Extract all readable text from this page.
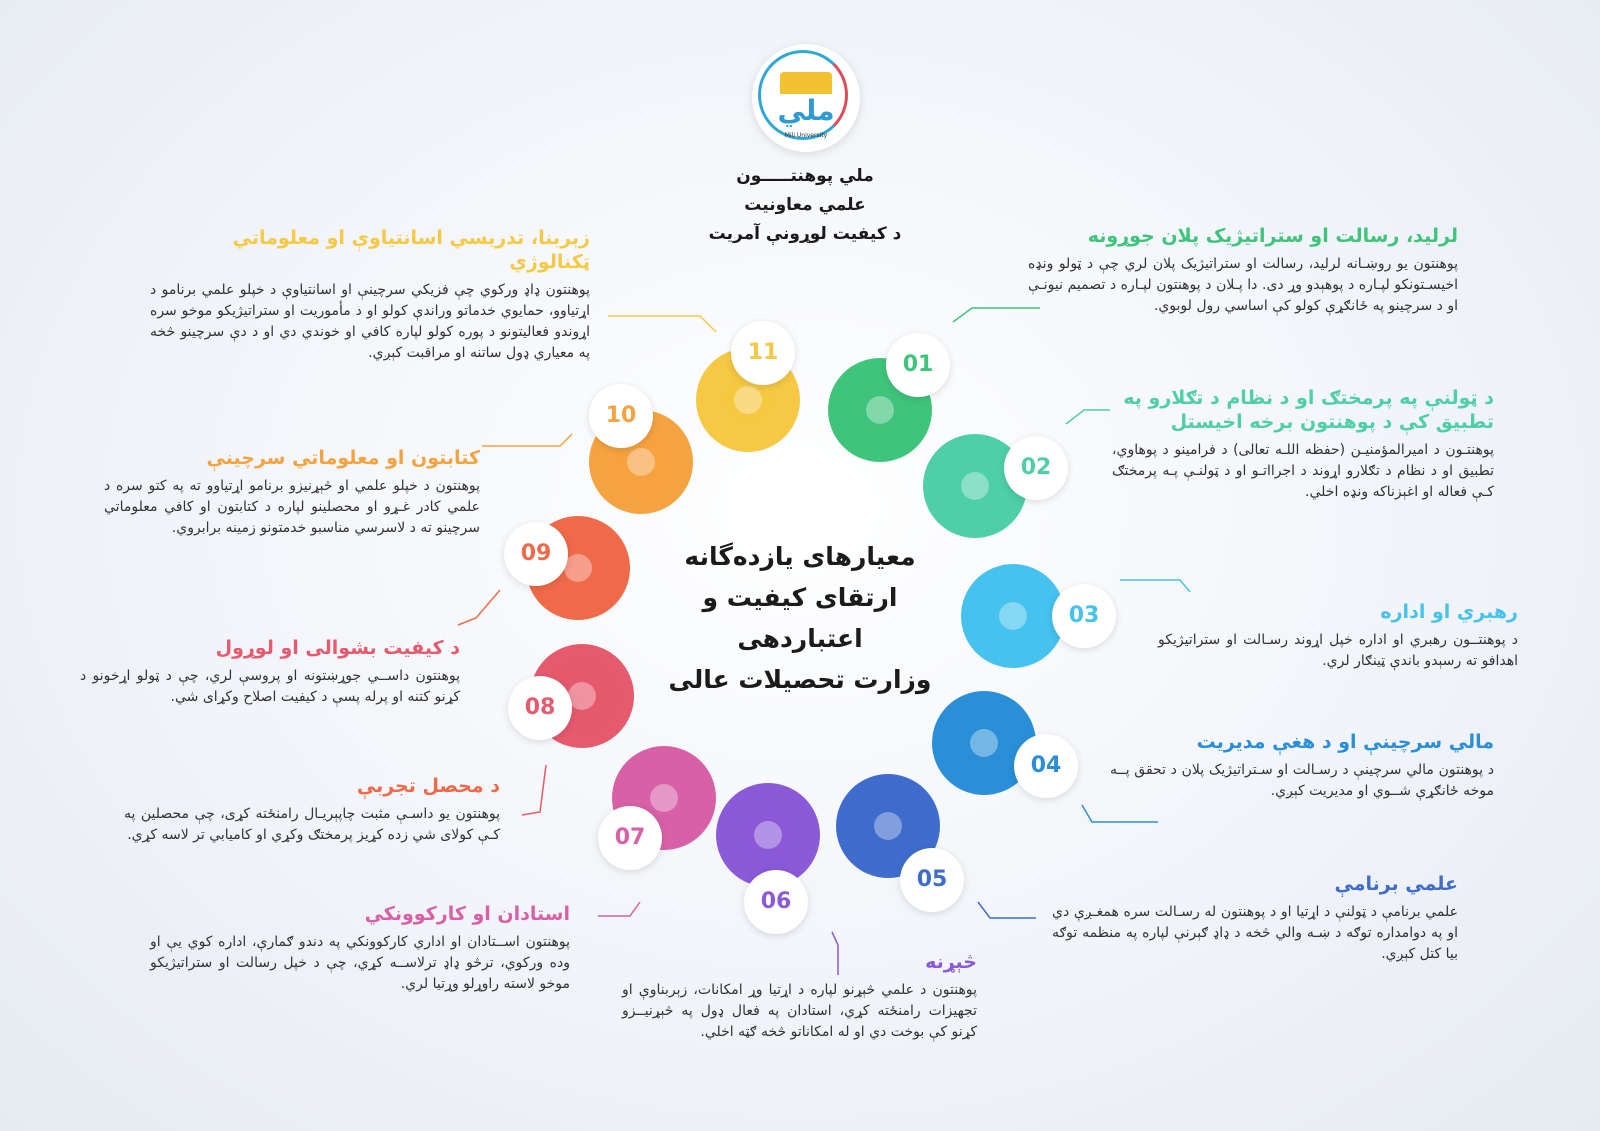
ملي
Mili University
ملي پوهنتـــــون
علمي معاونیت
د کیفیت لوړونې آمریت
معیارهای یازده‌گانه
ارتقای کیفیت و
اعتباردهی
وزارت تحصیلات عالی
لرلید، رسالت او ستراتیژیک پلان جوړونه
پوهنتون یو روښـانه لرلید، رسالت او ستراتیژیک پلان لري چې د ټولو ونډه اخیسـتونکو لپـاره د پوهېدو وړ دی. دا پـلان د پوهنتون لپـاره د تصمیم نیونـې او د سرچینو په ځانګړې کولو کې اساسي رول لوبوي.
د ټولنې په پرمختګ او د نظام د تګلارو په تطبیق کې د پوهنتون برخه اخیستل
پوهنتـون د امیرالمؤمنیـن (حفظه اللـه تعالی) د فرامینو د پوهاوي، تطبیق او د نظام د تګلارو اړوند د اجرااتـو او د ټولنـې پـه پرمختګ کـې فعاله او اغېزناکه ونډه اخلي.
رهبري او اداره
د پوهنتــون رهبري او اداره خپل اړوند رسـالت او ستراتیژیکو اهدافو ته رسېدو باندې ټینګار لري.
مالي سرچینې او د هغې مدیریت
د پوهنتون مالي سرچینې د رسـالت او سـتراتیژیک پلان د تحقق پــه موخه ځانګړې شــوي او مدیریت کېږي.
علمي برنامې
علمي برنامې د ټولنې د اړتیا او د پوهنتون له رسـالت سره همغـږې دي او په دوامداره توګه د ښـه والي څخه د ډاډ ګېرنې لپاره په منظمه توګه بیا کتل کېږي.
څېړنه
پوهنتون د علمي څېړنو لپاره د اړتیا وړ امکانات، زېربناوې او تجهیزات رامنځته کړي، استادان په فعال ډول په څېړنیــزو کړنو کې بوخت دي او له امکاناتو څخه ګټه اخلي.
استادان او کارکوونکي
پوهنتون اســتادان او اداري کارکوونکي په دندو ګمارې، اداره کوي یې او وده ورکوي، ترڅو ډاډ ترلاســه کړي، چې د خپل رسالت او ستراتیژیکو موخو لاسته راوړلو وړتیا لري.
د کیفیت بشوالی او لوړول
پوهنتون داســي جوړښتونه او پروسې لري، چې د ټولو اړخونو د کړنو کتنه او پرله پسې د کیفیت اصلاح وکړای شي.
د محصل تجربې
پوهنتون یو داسـې مثبت چاپېریـال رامنځته کړی، چې محصلین په کـې کولای شي زده کړیز پرمختګ وکړي او کامیابي تر لاسه کړي.
کتابتون او معلوماتي سرچینې
پوهنتون د خپلو علمي او څېړنیزو برنامو اړتیاوو ته په کتو سره د علمي کادر غـړو او محصلینو لپاره د کتابتون او کافي معلوماتي سرچینو ته د لاسرسي مناسبو خدمتونو زمینه برابروي.
زېربنا، تدریسي اسانتیاوې او معلوماتي ټکنالوژي
پوهنتون ډاډ ورکوي چې فزیکي سرچینې او اسانتیاوې د خپلو علمي برنامو د اړتیاوو، حمایوي خدماتو وراندې کولو او د مأموریت او ستراتیژیکو موخو سره اړوندو فعالیتونو د پوره کولو لپاره کافي او خوندي دي او د دې سرچینو څخه په معیاري ډول ساتنه او مراقبت کېږي.	01
02
03
04
05
06
07
08
09
10
11
